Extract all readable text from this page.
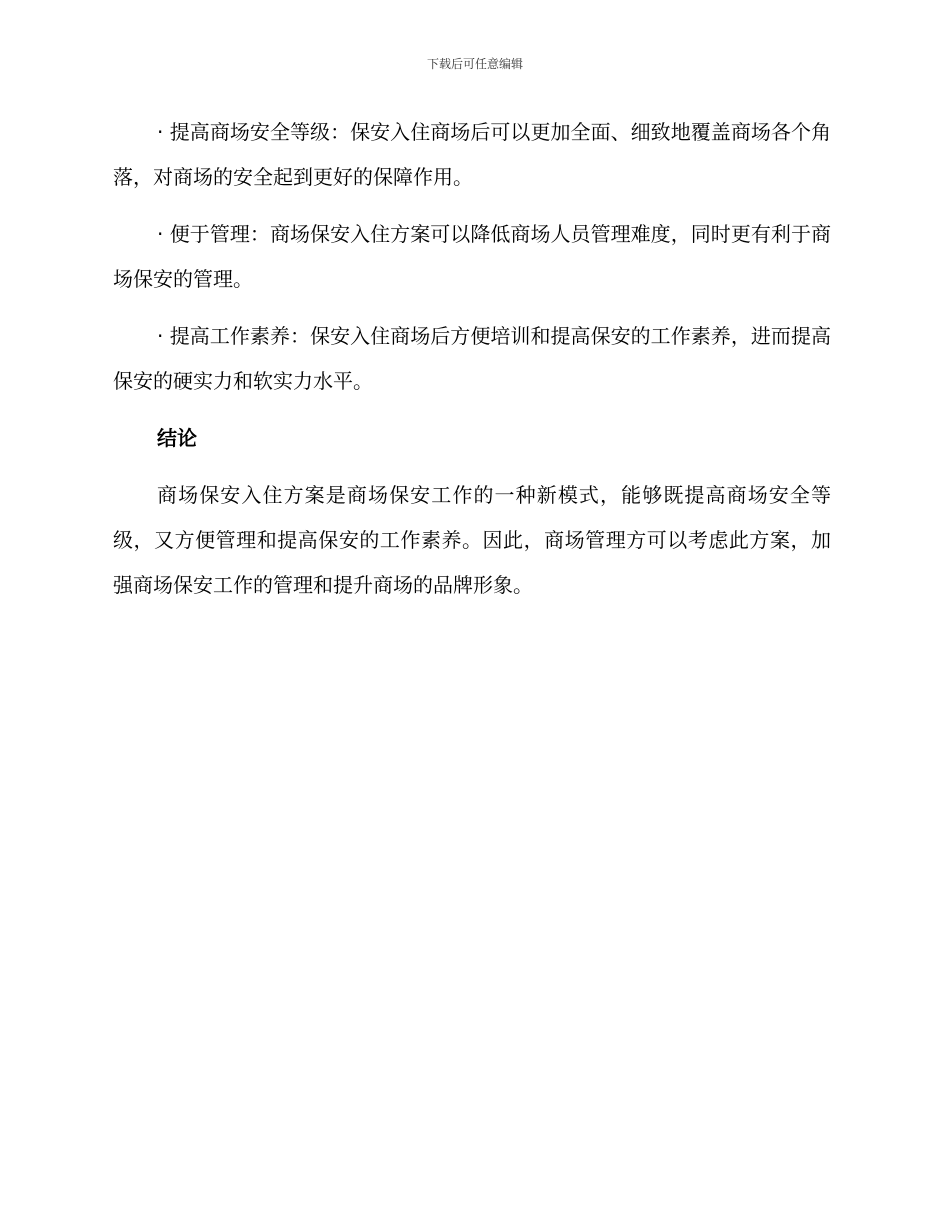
下载后可任意编辑

· 提高商场安全等级：保安入住商场后可以更加全面、细致地覆盖商场各个角落，对商场的安全起到更好的保障作用。

· 便于管理：商场保安入住方案可以降低商场人员管理难度，同时更有利于商场保安的管理。

· 提高工作素养：保安入住商场后方便培训和提高保安的工作素养，进而提高保安的硬实力和软实力水平。

结论

商场保安入住方案是商场保安工作的一种新模式，能够既提高商场安全等级，又方便管理和提高保安的工作素养。因此，商场管理方可以考虑此方案，加强商场保安工作的管理和提升商场的品牌形象。
